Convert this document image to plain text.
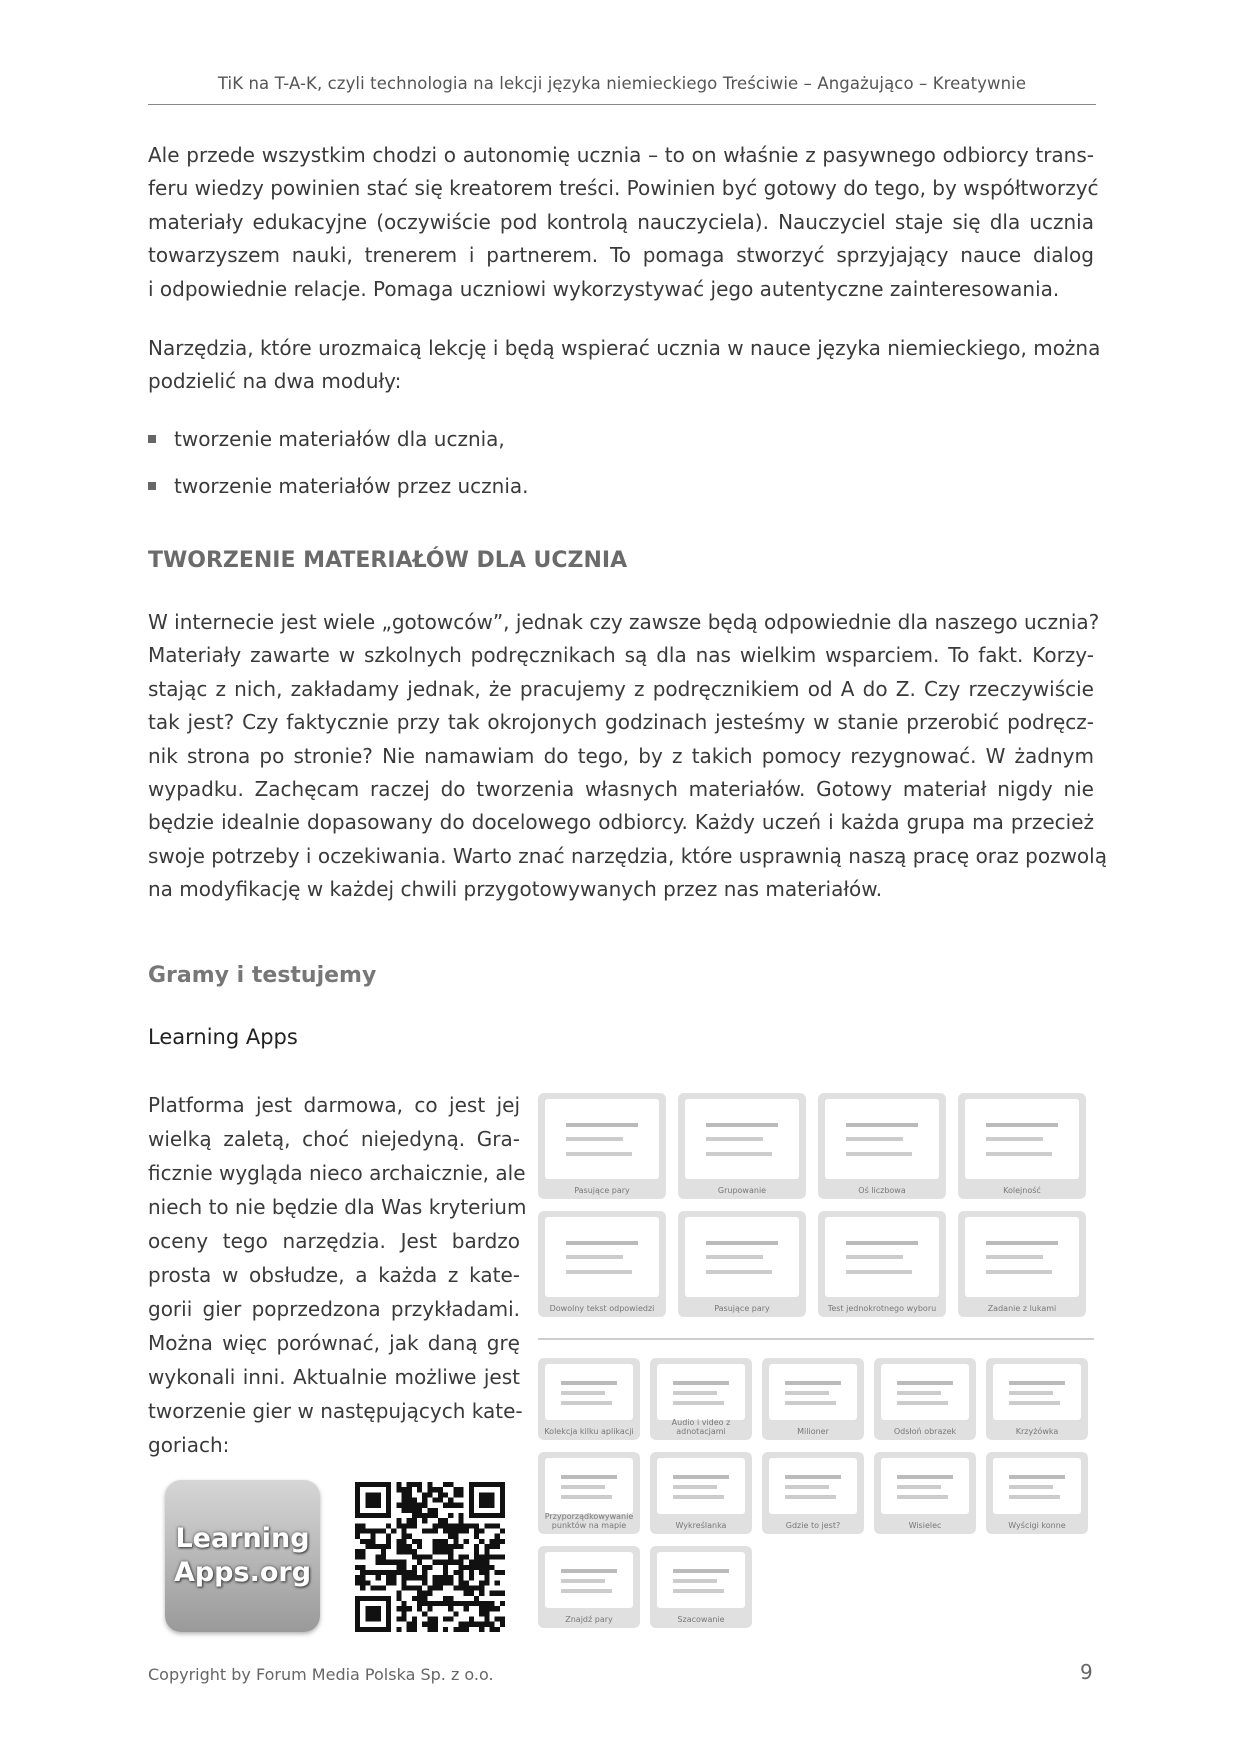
TiK na T-A-K, czyli technologia na lekcji języka niemieckiego Treściwie – Angażująco – Kreatywnie
Ale przede wszystkim chodzi o autonomię ucznia – to on właśnie z pasywnego odbiorcy trans-
feru wiedzy powinien stać się kreatorem treści. Powinien być gotowy do tego, by współtworzyć
materiały edukacyjne (oczywiście pod kontrolą nauczyciela). Nauczyciel staje się dla ucznia
towarzyszem nauki, trenerem i partnerem. To pomaga stworzyć sprzyjający nauce dialog
i odpowiednie relacje. Pomaga uczniowi wykorzystywać jego autentyczne zainteresowania.
Narzędzia, które urozmaicą lekcję i będą wspierać ucznia w nauce języka niemieckiego, można
podzielić na dwa moduły:
tworzenie materiałów dla ucznia,
tworzenie materiałów przez ucznia.
TWORZENIE MATERIAŁÓW DLA UCZNIA
W internecie jest wiele „gotowców”, jednak czy zawsze będą odpowiednie dla naszego ucznia?
Materiały zawarte w szkolnych podręcznikach są dla nas wielkim wsparciem. To fakt. Korzy-
stając z nich, zakładamy jednak, że pracujemy z podręcznikiem od A do Z. Czy rzeczywiście
tak jest? Czy faktycznie przy tak okrojonych godzinach jesteśmy w stanie przerobić podręcz-
nik strona po stronie? Nie namawiam do tego, by z takich pomocy rezygnować. W żadnym
wypadku. Zachęcam raczej do tworzenia własnych materiałów. Gotowy materiał nigdy nie
będzie idealnie dopasowany do docelowego odbiorcy. Każdy uczeń i każda grupa ma przecież
swoje potrzeby i oczekiwania. Warto znać narzędzia, które usprawnią naszą pracę oraz pozwolą
na modyfikację w każdej chwili przygotowywanych przez nas materiałów.
Gramy i testujemy
Learning Apps
Platforma jest darmowa, co jest jej
wielką zaletą, choć niejedyną. Gra-
ficznie wygląda nieco archaicznie, ale
niech to nie będzie dla Was kryterium
oceny tego narzędzia. Jest bardzo
prosta w obsłudze, a każda z kate-
gorii gier poprzedzona przykładami.
Można więc porównać, jak daną grę
wykonali inni. Aktualnie możliwe jest
tworzenie gier w następujących kate-
goriach:
Learning
Apps.org
Pasujące pary	Grupowanie	Oś liczbowa	Kolejność
Dowolny tekst odpowiedzi	Pasujące pary	Test jednokrotnego wyboru	Zadanie z lukami
Kolekcja kilku aplikacji
Audio i video z adnotacjami	Milioner	Odsłoń obrazek	Krzyżówka
Przyporządkowywanie punktów na mapie	Wykreślanka	Gdzie to jest?	Wisielec	Wyścigi konne
Znajdź pary	Szacowanie
Copyright by Forum Media Polska Sp. z o.o.	9
